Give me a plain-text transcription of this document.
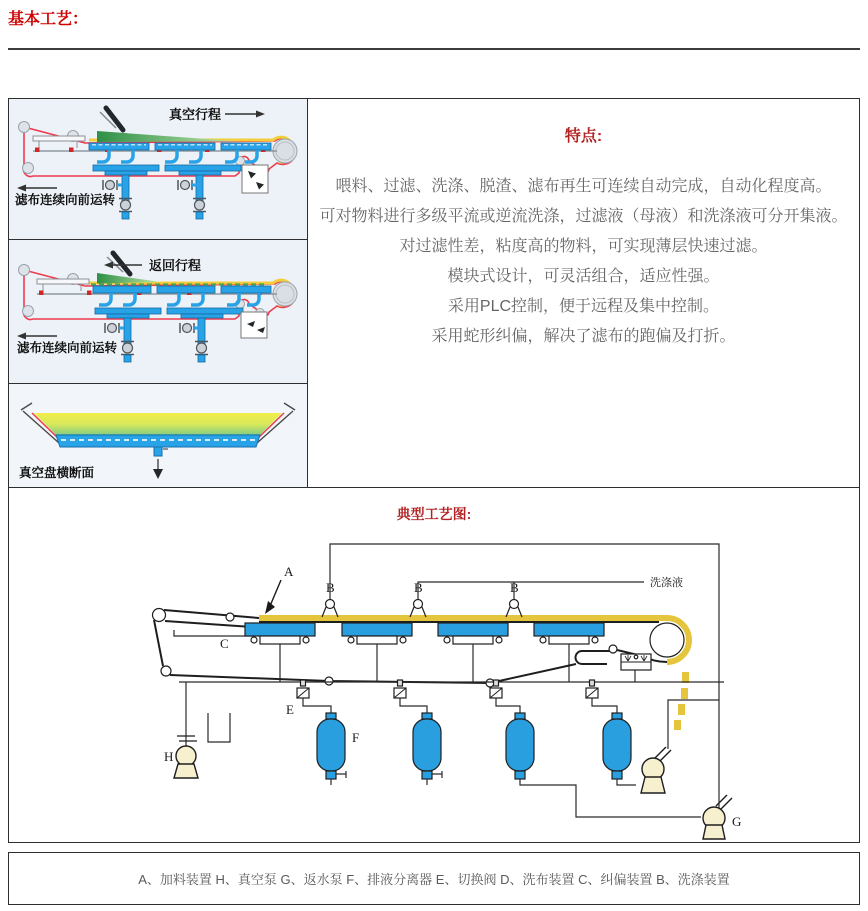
基本工艺：
真空行程
滤布连续向前运转
返回行程
滤布连续向前运转
真空盘横断面
特点:
喂料、过滤、洗涤、脱渣、滤布再生可连续自动完成，自动化程度高。
可对物料进行多级平流或逆流洗涤，过滤液（母液）和洗涤液可分开集液。
对过滤性差，粘度高的物料，可实现薄层快速过滤。
模块式设计，可灵活组合，适应性强。
采用PLC控制，便于远程及集中控制。
采用蛇形纠偏，解决了滤布的跑偏及打折。
典型工艺图:
洗涤液
A
B	B	B
C
E
F
H
G
A、加料装置 H、真空泵 G、返水泵 F、排液分离器 E、切换阀 D、洗布装置 C、纠偏装置 B、洗涤装置
